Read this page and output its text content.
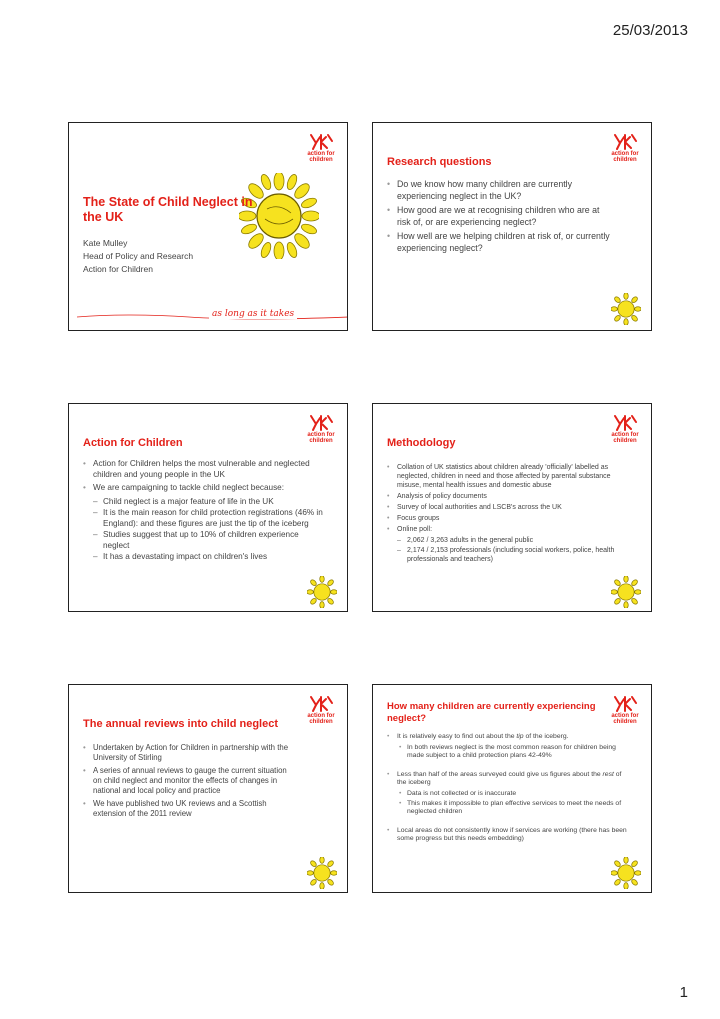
25/03/2013
action for
children
The State of Child Neglect in the UK
Kate Mulley
Head of Policy and Research
Action for Children
as long as it takes
action for
children
Research questions
• Do we know how many children are currently experiencing neglect in the UK?
• How good are we at recognising children who are at risk of, or are experiencing neglect?
• How well are we helping children at risk of, or currently experiencing neglect?
action for
children
Action for Children
• Action for Children helps the most vulnerable and neglected children and young people in the UK
• We are campaigning to tackle child neglect because:
– Child neglect is a major feature of life in the UK
– It is the main reason for child protection registrations (46% in England): and these figures are just the tip of the iceberg
– Studies suggest that up to 10% of children experience neglect
– It has a devastating impact on children's lives
action for
children
Methodology
• Collation of UK statistics about children already 'officially' labelled as neglected, children in need and those affected by parental substance misuse, mental health issues and domestic abuse
• Analysis of policy documents
• Survey of local authorities and LSCB's across the UK
• Focus groups
• Online poll:
– 2,062 / 3,263 adults in the general public
– 2,174 / 2,153 professionals (including social workers, police, health professionals and teachers)
action for
children
The annual reviews into child neglect
• Undertaken by Action for Children in partnership with the University of Stirling
• A series of annual reviews to gauge the current situation on child neglect and monitor the effects of changes in national and local policy and practice
• We have published two UK reviews and a Scottish extension of the 2011 review
action for
children
How many children are currently experiencing neglect?
• It is relatively easy to find out about the tip of the iceberg.
• In both reviews neglect is the most common reason for children being made subject to a child protection plans 42-49%
• Less than half of the areas surveyed could give us figures about the rest of the iceberg
• Data is not collected or is inaccurate
• This makes it impossible to plan effective services to meet the needs of neglected children
• Local areas do not consistently know if services are working (there has been some progress but this needs embedding)
1
